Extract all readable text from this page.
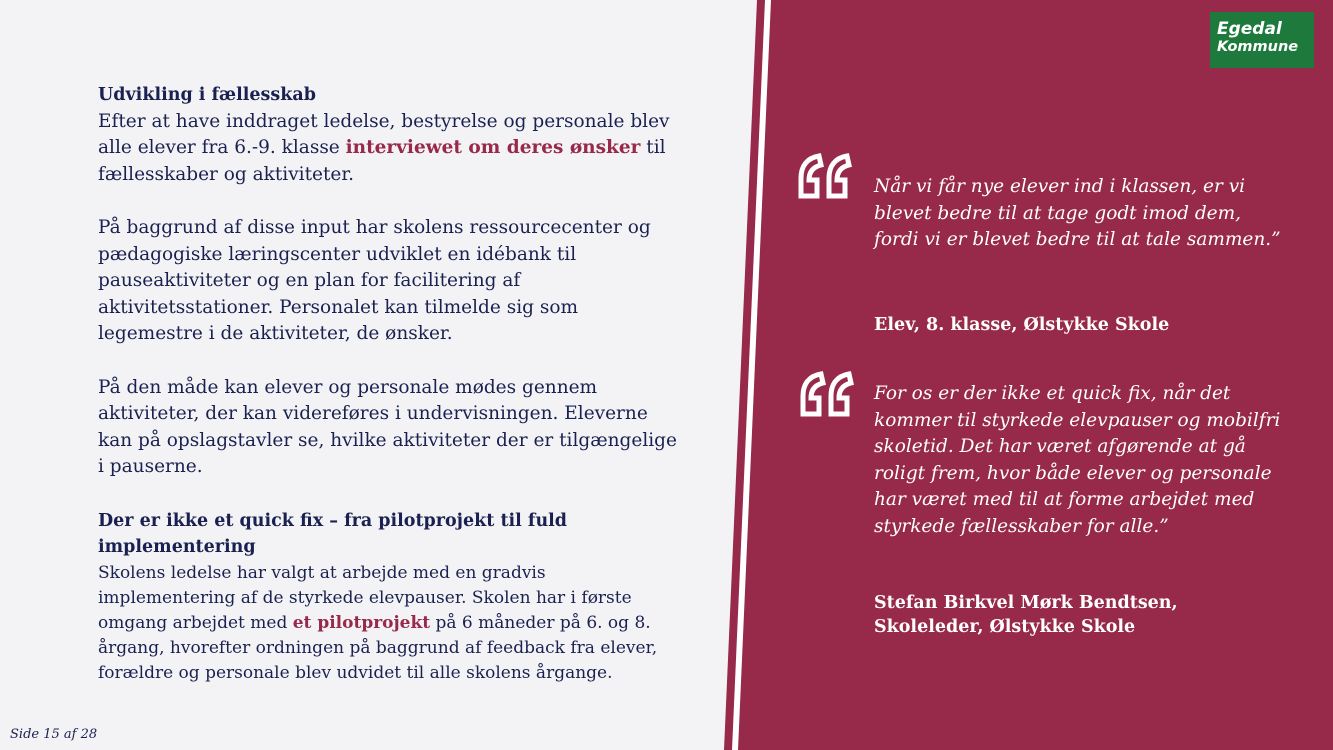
Egedal
Kommune

Udvikling i fællesskab

Efter at have inddraget ledelse, bestyrelse og personale blev alle elever fra 6.-9. klasse interviewet om deres ønsker til fællesskaber og aktiviteter.

På baggrund af disse input har skolens ressourcecenter og pædagogiske læringscenter udviklet en idébank til pauseaktiviteter og en plan for facilitering af aktivitetsstationer. Personalet kan tilmelde sig som legemestre i de aktiviteter, de ønsker.

På den måde kan elever og personale mødes gennem aktiviteter, der kan videreføres i undervisningen. Eleverne kan på opslagstavler se, hvilke aktiviteter der er tilgængelige i pauserne.

Der er ikke et quick fix – fra pilotprojekt til fuld implementering

Skolens ledelse har valgt at arbejde med en gradvis implementering af de styrkede elevpauser. Skolen har i første omgang arbejdet med et pilotprojekt på 6 måneder på 6. og 8. årgang, hvorefter ordningen på baggrund af feedback fra elever, forældre og personale blev udvidet til alle skolens årgange.

Når vi får nye elever ind i klassen, er vi blevet bedre til at tage godt imod dem, fordi vi er blevet bedre til at tale sammen.”
Elev, 8. klasse, Ølstykke Skole
For os er der ikke et quick fix, når det kommer til styrkede elevpauser og mobilfri skoletid. Det har været afgørende at gå roligt frem, hvor både elever og personale har været med til at forme arbejdet med styrkede fællesskaber for alle.”
Stefan Birkvel Mørk Bendtsen,
Skoleleder, Ølstykke Skole
Side 15 af 28
